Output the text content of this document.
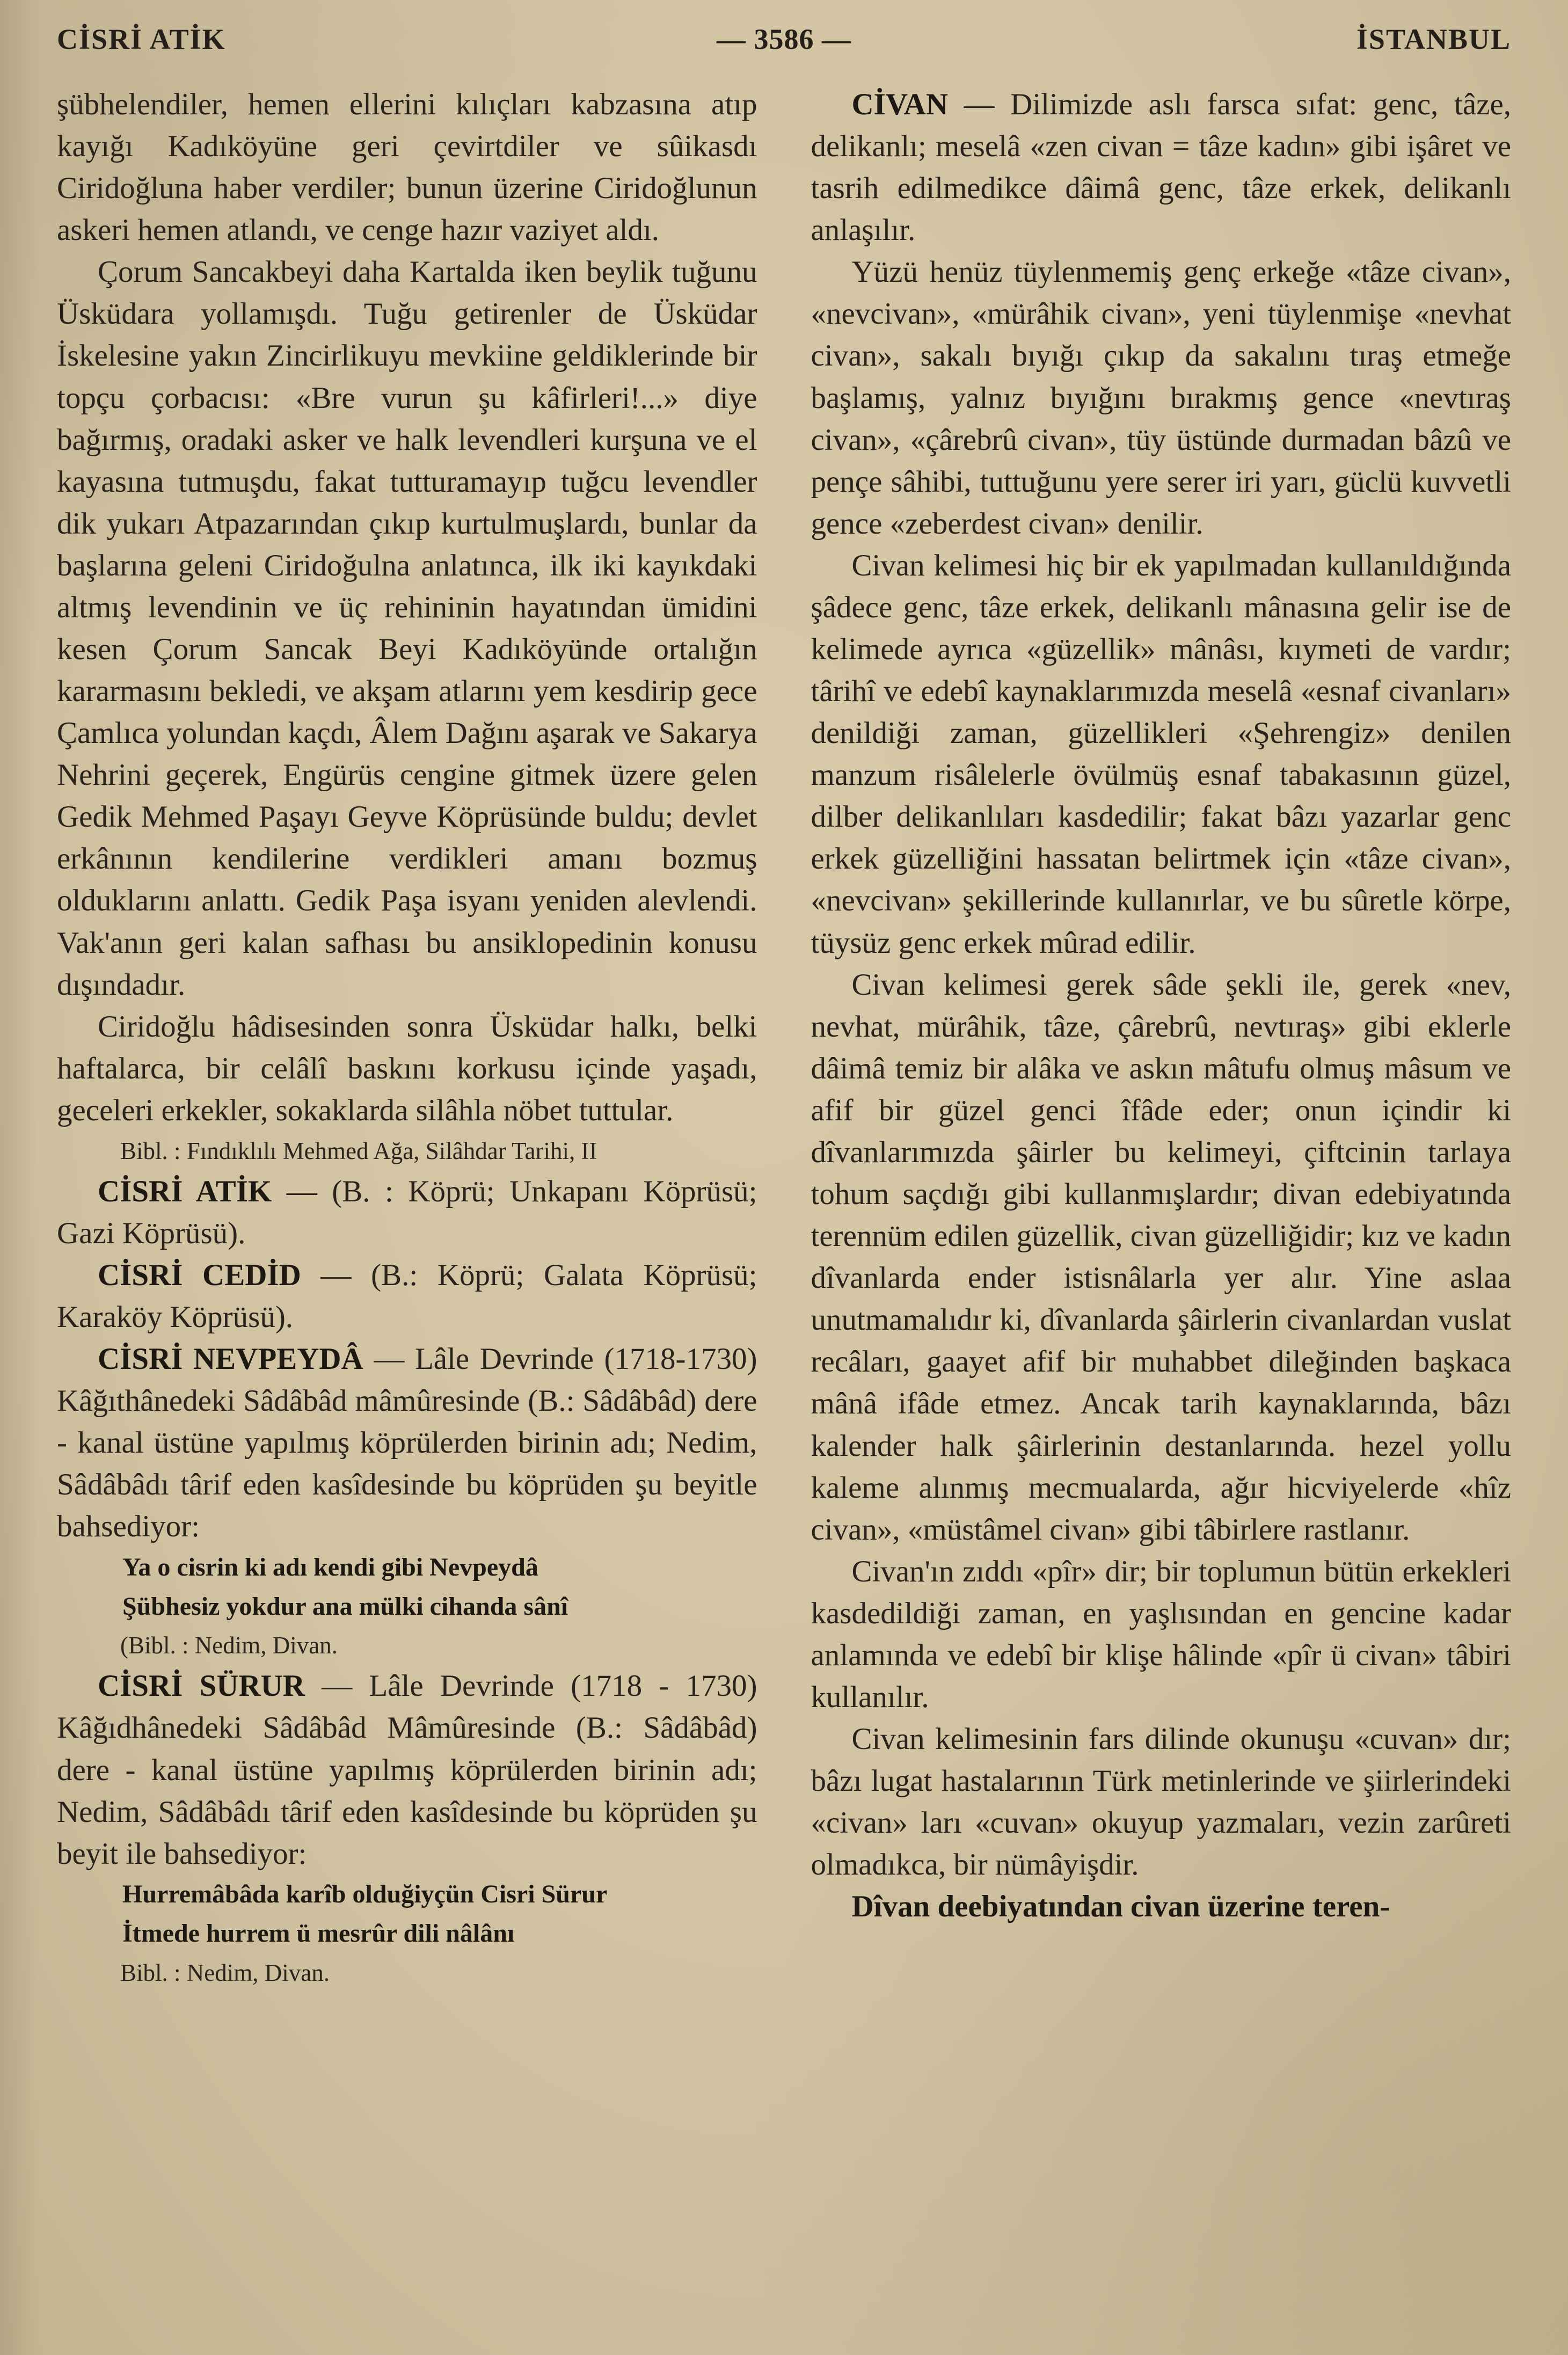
CİSRİ ATİK	— 3586 —	İSTANBUL

şübhelendiler, hemen ellerini kılıçları kabzasına atıp kayığı Kadıköyüne geri çevirtdiler ve sûikasdı Ciridoğluna haber verdiler; bunun üzerine Ciridoğlunun askeri hemen atlandı, ve cenge hazır vaziyet aldı.

Çorum Sancakbeyi daha Kartalda iken beylik tuğunu Üsküdara yollamışdı. Tuğu getirenler de Üsküdar İskelesine yakın Zincirlikuyu mevkiine geldiklerinde bir topçu çorbacısı: «Bre vurun şu kâfirleri!...» diye bağırmış, oradaki asker ve halk levendleri kurşuna ve el kayasına tutmuşdu, fakat tutturamayıp tuğcu levendler dik yukarı Atpazarından çıkıp kurtulmuşlardı, bunlar da başlarına geleni Ciridoğulna anlatınca, ilk iki kayıkdaki altmış levendinin ve üç rehininin hayatından ümidini kesen Çorum Sancak Beyi Kadıköyünde ortalığın kararmasını bekledi, ve akşam atlarını yem kesdirip gece Çamlıca yolundan kaçdı, Âlem Dağını aşarak ve Sakarya Nehrini geçerek, Engürüs cengine gitmek üzere gelen Gedik Mehmed Paşayı Geyve Köprüsünde buldu; devlet erkânının kendilerine verdikleri amanı bozmuş olduklarını anlattı. Gedik Paşa isyanı yeniden alevlendi. Vak'anın geri kalan safhası bu ansiklopedinin konusu dışındadır.

Ciridoğlu hâdisesinden sonra Üsküdar halkı, belki haftalarca, bir celâlî baskını korkusu içinde yaşadı, geceleri erkekler, sokaklarda silâhla nöbet tuttular.

Bibl. : Fındıklılı Mehmed Ağa, Silâhdar Tarihi, II

CİSRİ ATİK — (B. : Köprü; Unkapanı Köprüsü; Gazi Köprüsü).

CİSRİ CEDİD — (B.: Köprü; Galata Köprüsü; Karaköy Köprüsü).

CİSRİ NEVPEYDÂ — Lâle Devrinde (1718-1730) Kâğıthânedeki Sâdâbâd mâmûresinde (B.: Sâdâbâd) dere - kanal üstüne yapılmış köprülerden birinin adı; Nedim, Sâdâbâdı târif eden kasîdesinde bu köprüden şu beyitle bahsediyor:

Ya o cisrin ki adı kendi gibi Nevpeydâ
Şübhesiz yokdur ana mülki cihanda sânî

(Bibl. : Nedim, Divan.

CİSRİ SÜRUR — Lâle Devrinde (1718 - 1730) Kâğıdhânedeki Sâdâbâd Mâmûresinde (B.: Sâdâbâd) dere - kanal üstüne yapılmış köprülerden birinin adı; Nedim, Sâdâbâdı târif eden kasîdesinde bu köprüden şu beyit ile bahsediyor:

Hurremâbâda karîb olduğiyçün Cisri Sürur
İtmede hurrem ü mesrûr dili nâlânı

Bibl. : Nedim, Divan.

CİVAN — Dilimizde aslı farsca sıfat: genc, tâze, delikanlı; meselâ «zen civan = tâze kadın» gibi işâret ve tasrih edilmedikce dâimâ genc, tâze erkek, delikanlı anlaşılır.

Yüzü henüz tüylenmemiş genç erkeğe «tâze civan», «nevcivan», «mürâhik civan», yeni tüylenmişe «nevhat civan», sakalı bıyığı çıkıp da sakalını tıraş etmeğe başlamış, yalnız bıyığını bırakmış gence «nevtıraş civan», «çârebrû civan», tüy üstünde durmadan bâzû ve pençe sâhibi, tuttuğunu yere serer iri yarı, güclü kuvvetli gence «zeberdest civan» denilir.

Civan kelimesi hiç bir ek yapılmadan kullanıldığında şâdece genc, tâze erkek, delikanlı mânasına gelir ise de kelimede ayrıca «güzellik» mânâsı, kıymeti de vardır; târihî ve edebî kaynaklarımızda meselâ «esnaf civanları» denildiği zaman, güzellikleri «Şehrengiz» denilen manzum risâlelerle övülmüş esnaf tabakasının güzel, dilber delikanlıları kasdedilir; fakat bâzı yazarlar genc erkek güzelliğini hassatan belirtmek için «tâze civan», «nevcivan» şekillerinde kullanırlar, ve bu sûretle körpe, tüysüz genc erkek mûrad edilir.

Civan kelimesi gerek sâde şekli ile, gerek «nev, nevhat, mürâhik, tâze, çârebrû, nevtıraş» gibi eklerle dâimâ temiz bir alâka ve askın mâtufu olmuş mâsum ve afif bir güzel genci îfâde eder; onun içindir ki dîvanlarımızda şâirler bu kelimeyi, çiftcinin tarlaya tohum saçdığı gibi kullanmışlardır; divan edebiyatında terennüm edilen güzellik, civan güzelliğidir; kız ve kadın dîvanlarda ender istisnâlarla yer alır. Yine aslaa unutmamalıdır ki, dîvanlarda şâirlerin civanlardan vuslat recâları, gaayet afif bir muhabbet dileğinden başkaca mânâ ifâde etmez. Ancak tarih kaynaklarında, bâzı kalender halk şâirlerinin destanlarında. hezel yollu kaleme alınmış mecmualarda, ağır hicviyelerde «hîz civan», «müstâmel civan» gibi tâbirlere rastlanır.

Civan'ın zıddı «pîr» dir; bir toplumun bütün erkekleri kasdedildiği zaman, en yaşlısından en gencine kadar anlamında ve edebî bir klişe hâlinde «pîr ü civan» tâbiri kullanılır.

Civan kelimesinin fars dilinde okunuşu «cuvan» dır; bâzı lugat hastalarının Türk metinlerinde ve şiirlerindeki «civan» ları «cuvan» okuyup yazmaları, vezin zarûreti olmadıkca, bir nümâyişdir.

Dîvan deebiyatından civan üzerine teren-
